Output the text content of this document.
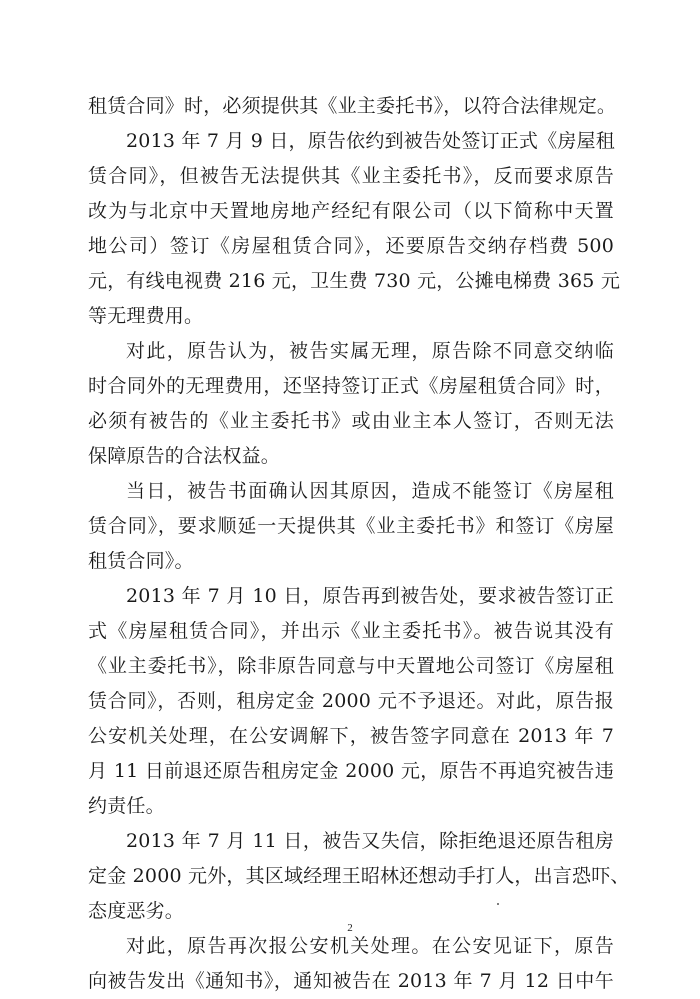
租赁合同》时，必须提供其《业主委托书》，以符合法律规定。
2013 年 7 月 9 日，原告依约到被告处签订正式《房屋租
赁合同》，但被告无法提供其《业主委托书》，反而要求原告
改为与北京中天置地房地产经纪有限公司（以下简称中天置
地公司）签订《房屋租赁合同》，还要原告交纳存档费 500
元，有线电视费 216 元，卫生费 730 元，公摊电梯费 365 元
等无理费用。
对此，原告认为，被告实属无理，原告除不同意交纳临
时合同外的无理费用，还坚持签订正式《房屋租赁合同》时，
必须有被告的《业主委托书》或由业主本人签订，否则无法
保障原告的合法权益。
当日，被告书面确认因其原因，造成不能签订《房屋租
赁合同》，要求顺延一天提供其《业主委托书》和签订《房屋
租赁合同》。
2013 年 7 月 10 日，原告再到被告处，要求被告签订正
式《房屋租赁合同》，并出示《业主委托书》。被告说其没有
《业主委托书》，除非原告同意与中天置地公司签订《房屋租
赁合同》，否则，租房定金 2000 元不予退还。对此，原告报
公安机关处理，在公安调解下，被告签字同意在 2013 年 7
月 11 日前退还原告租房定金 2000 元，原告不再追究被告违
约责任。
2013 年 7 月 11 日，被告又失信，除拒绝退还原告租房
定金 2000 元外，其区域经理王昭林还想动手打人，出言恐吓、
态度恶劣。
对此，原告再次报公安机关处理。在公安见证下，原告
向被告发出《通知书》，通知被告在 2013 年 7 月 12 日中午
2
